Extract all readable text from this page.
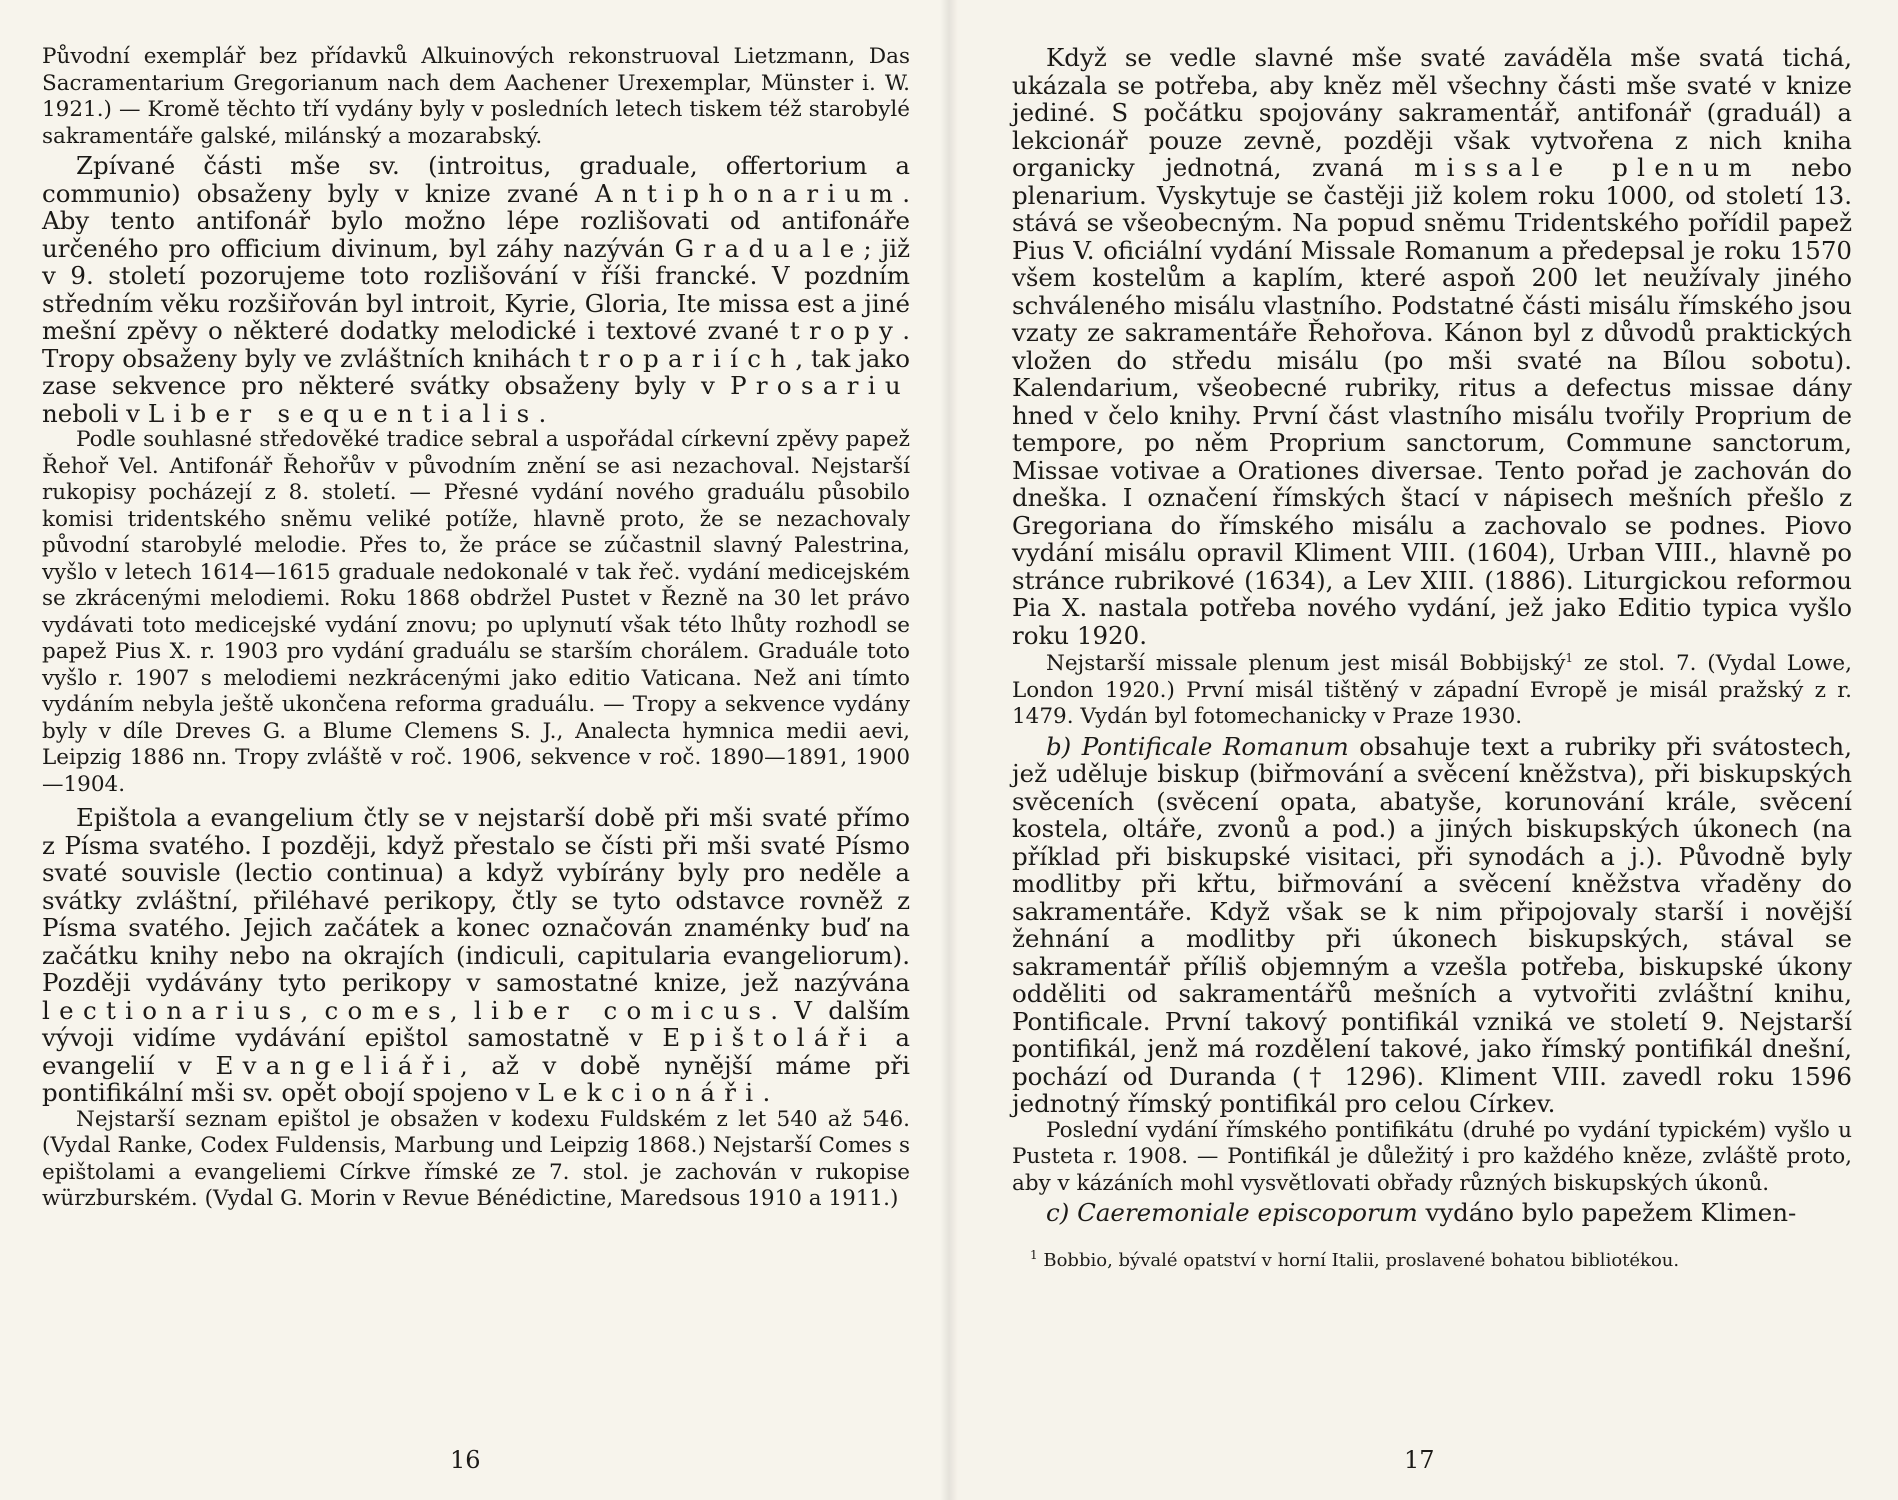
Původní exemplář bez přídavků Alkuinových rekonstruoval Lietzmann, Das Sacramentarium Gregorianum nach dem Aachener Urexemplar, Münster i. W. 1921.) — Kromě těchto tří vydány byly v posledních letech tiskem též starobylé sakramentáře galské, milánský a mozarabský.

Zpívané části mše sv. (introitus, graduale, offertorium a communio) obsaženy byly v knize zvané Antiphonarium. Aby tento antifonář bylo možno lépe rozlišovati od antifonáře určeného pro officium divinum, byl záhy nazýván Graduale; již v 9. století pozorujeme toto rozlišování v říši francké. V pozdním středním věku rozšiřován byl introit, Kyrie, Gloria, Ite missa est a jiné mešní zpěvy o některé dodatky melodické i textové zvané tropy. Tropy obsaženy byly ve zvláštních knihách tropariích, tak jako zase sekvence pro některé svátky obsaženy byly v Prosariu neboli v Liber sequentialis.

Podle souhlasné středověké tradice sebral a uspořádal církevní zpěvy papež Řehoř Vel. Antifonář Řehořův v původním znění se asi nezachoval. Nejstarší rukopisy pocházejí z 8. století. — Přesné vydání nového graduálu působilo komisi tridentského sněmu veliké potíže, hlavně proto, že se nezachovaly původní starobylé melodie. Přes to, že práce se zúčastnil slavný Palestrina, vyšlo v letech 1614—1615 graduale nedokonalé v tak řeč. vydání medicejském se zkrácenými melodiemi. Roku 1868 obdržel Pustet v Řezně na 30 let právo vydávati toto medicejské vydání znovu; po uplynutí však této lhůty rozhodl se papež Pius X. r. 1903 pro vydání graduálu se starším chorálem. Graduále toto vyšlo r. 1907 s melodiemi nezkrácenými jako editio Vaticana. Než ani tímto vydáním nebyla ještě ukončena reforma graduálu. — Tropy a sekvence vydány byly v díle Dreves G. a Blume Clemens S. J., Analecta hymnica medii aevi, Leipzig 1886 nn. Tropy zvláště v roč. 1906, sekvence v roč. 1890—1891, 1900—1904.

Epištola a evangelium čtly se v nejstarší době při mši svaté přímo z Písma svatého. I později, když přestalo se čísti při mši svaté Písmo svaté souvisle (lectio continua) a když vybírány byly pro neděle a svátky zvláštní, přiléhavé perikopy, čtly se tyto odstavce rovněž z Písma svatého. Jejich začátek a konec označován znaménky buď na začátku knihy nebo na okrajích (indiculi, capitularia evangeliorum). Později vydávány tyto perikopy v samostatné knize, jež nazývána lectionarius, comes, liber comicus. V dalším vývoji vidíme vydávání epištol samostatně v Epištoláři a evangelií v Evangeliáři, až v době nynější máme při pontifikální mši sv. opět obojí spojeno v Lekcionáři.

Nejstarší seznam epištol je obsažen v kodexu Fuldském z let 540 až 546. (Vydal Ranke, Codex Fuldensis, Marbung und Leipzig 1868.) Nejstarší Comes s epištolami a evangeliemi Církve římské ze 7. stol. je zachován v rukopise würzburském. (Vydal G. Morin v Revue Bénédictine, Maredsous 1910 a 1911.)

16

Když se vedle slavné mše svaté zaváděla mše svatá tichá, ukázala se potřeba, aby kněz měl všechny části mše svaté v knize jediné. S počátku spojovány sakramentář, antifonář (graduál) a lekcionář pouze zevně, později však vytvořena z nich kniha organicky jednotná, zvaná missale plenum nebo plenarium. Vyskytuje se častěji již kolem roku 1000, od století 13. stává se všeobecným. Na popud sněmu Tridentského pořídil papež Pius V. oficiální vydání Missale Romanum a předepsal je roku 1570 všem kostelům a kaplím, které aspoň 200 let neužívaly jiného schváleného misálu vlastního. Podstatné části misálu římského jsou vzaty ze sakramentáře Řehořova. Kánon byl z důvodů praktických vložen do středu misálu (po mši svaté na Bílou sobotu). Kalendarium, všeobecné rubriky, ritus a defectus missae dány hned v čelo knihy. První část vlastního misálu tvořily Proprium de tempore, po něm Proprium sanctorum, Commune sanctorum, Missae votivae a Orationes diversae. Tento pořad je zachován do dneška. I označení římských štací v nápisech mešních přešlo z Gregoriana do římského misálu a zachovalo se podnes. Piovo vydání misálu opravil Kliment VIII. (1604), Urban VIII., hlavně po stránce rubrikové (1634), a Lev XIII. (1886). Liturgickou reformou Pia X. nastala potřeba nového vydání, jež jako Editio typica vyšlo roku 1920.

Nejstarší missale plenum jest misál Bobbijský$^1$ ze stol. 7. (Vydal Lowe, London 1920.) První misál tištěný v západní Evropě je misál pražský z r. 1479. Vydán byl fotomechanicky v Praze 1930.

b) Pontificale Romanum obsahuje text a rubriky při svátostech, jež uděluje biskup (biřmování a svěcení kněžstva), při biskupských svěceních (svěcení opata, abatyše, korunování krále, svěcení kostela, oltáře, zvonů a pod.) a jiných biskupských úkonech (na příklad při biskupské visitaci, při synodách a j.). Původně byly modlitby při křtu, biřmování a svěcení kněžstva vřaděny do sakramentáře. Když však se k nim připojovaly starší i novější žehnání a modlitby při úkonech biskupských, stával se sakramentář příliš objemným a vzešla potřeba, biskupské úkony odděliti od sakramentářů mešních a vytvořiti zvláštní knihu, Pontificale. První takový pontifikál vzniká ve století 9. Nejstarší pontifikál, jenž má rozdělení takové, jako římský pontifikál dnešní, pochází od Duranda († 1296). Kliment VIII. zavedl roku 1596 jednotný římský pontifikál pro celou Církev.

Poslední vydání římského pontifikátu (druhé po vydání typickém) vyšlo u Pusteta r. 1908. — Pontifikál je důležitý i pro každého kněze, zvláště proto, aby v kázáních mohl vysvětlovati obřady různých biskupských úkonů.

c) Caeremoniale episcoporum vydáno bylo papežem Klimen-

$^1$ Bobbio, bývalé opatství v horní Italii, proslavené bohatou bibliotékou.

17
